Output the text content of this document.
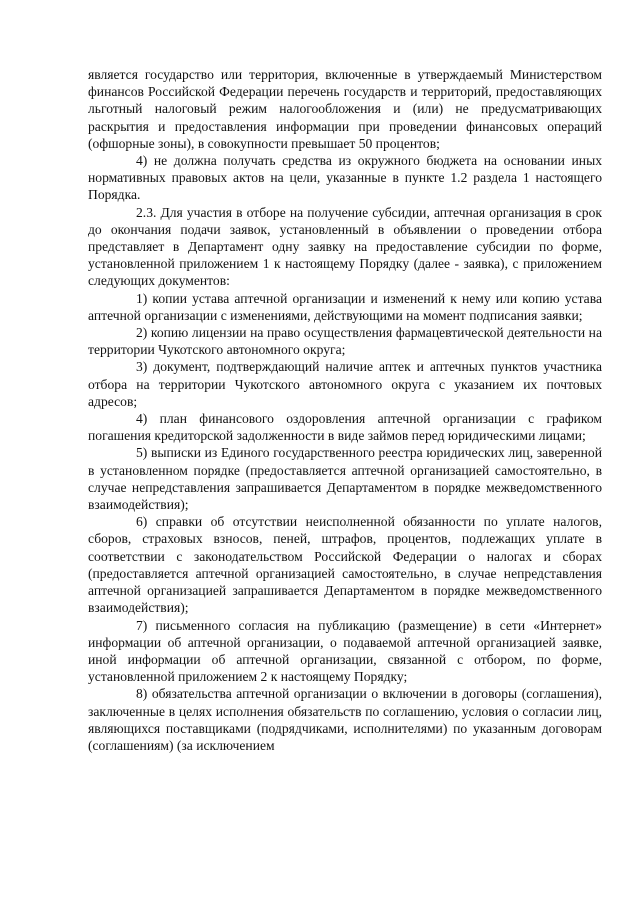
является государство или территория, включенные в утверждаемый Министерством финансов Российской Федерации перечень государств и территорий, предоставляющих льготный налоговый режим налогообложения и (или) не предусматривающих раскрытия и предоставления информации при проведении финансовых операций (офшорные зоны), в совокупности превышает 50 процентов;

4) не должна получать средства из окружного бюджета на основании иных нормативных правовых актов на цели, указанные в пункте 1.2 раздела 1 настоящего Порядка.

2.3. Для участия в отборе на получение субсидии, аптечная организация в срок до окончания подачи заявок, установленный в объявлении о проведении отбора представляет в Департамент одну заявку на предоставление субсидии по форме, установленной приложением 1 к настоящему Порядку (далее - заявка), с приложением следующих документов:

1) копии устава аптечной организации и изменений к нему или копию устава аптечной организации с изменениями, действующими на момент подписания заявки;

2) копию лицензии на право осуществления фармацевтической деятельности на территории Чукотского автономного округа;

3) документ, подтверждающий наличие аптек и аптечных пунктов участника отбора на территории Чукотского автономного округа с указанием их почтовых адресов;

4) план финансового оздоровления аптечной организации с графиком погашения кредиторской задолженности в виде займов перед юридическими лицами;

5) выписки из Единого государственного реестра юридических лиц, заверенной в установленном порядке (предоставляется аптечной организацией самостоятельно, в случае непредставления запрашивается Департаментом в порядке межведомственного взаимодействия);

6) справки об отсутствии неисполненной обязанности по уплате налогов, сборов, страховых взносов, пеней, штрафов, процентов, подлежащих уплате в соответствии с законодательством Российской Федерации о налогах и сборах (предоставляется аптечной организацией самостоятельно, в случае непредставления аптечной организацией запрашивается Департаментом в порядке межведомственного взаимодействия);

7) письменного согласия на публикацию (размещение) в сети «Интернет» информации об аптечной организации, о подаваемой аптечной организацией заявке, иной информации об аптечной организации, связанной с отбором, по форме, установленной приложением 2 к настоящему Порядку;

8) обязательства аптечной организации о включении в договоры (соглашения), заключенные в целях исполнения обязательств по соглашению, условия о согласии лиц, являющихся поставщиками (подрядчиками, исполнителями) по указанным договорам (соглашениям) (за исключением
